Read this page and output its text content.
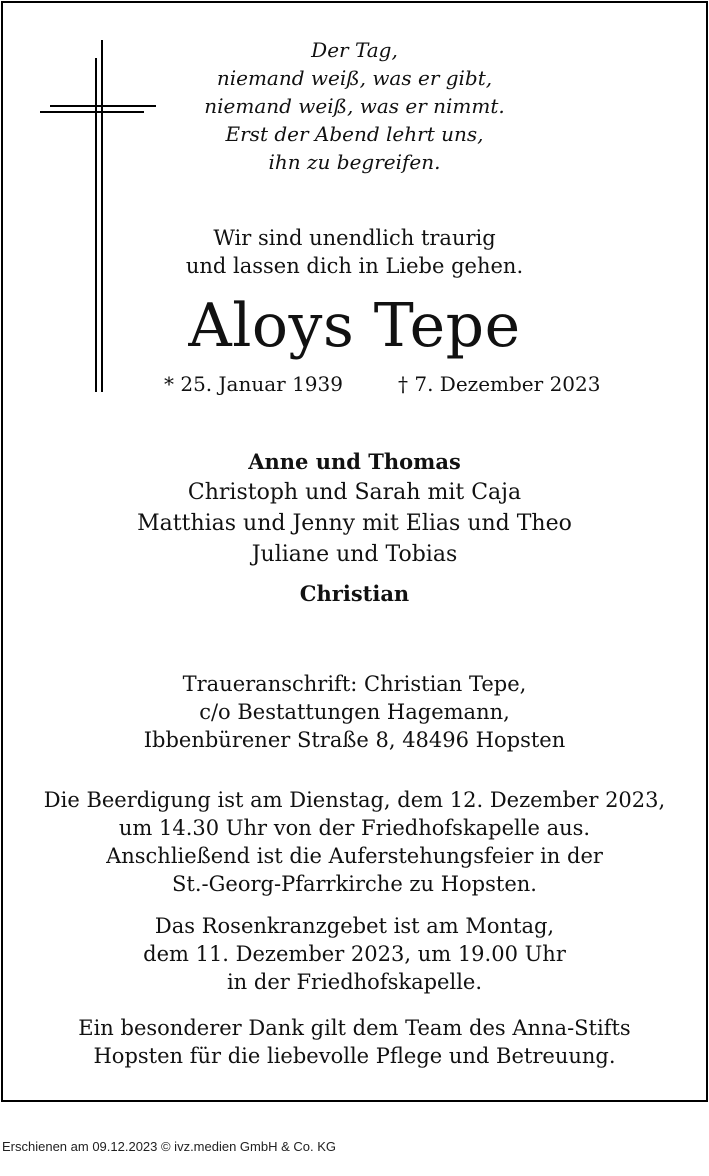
Der Tag,
niemand weiß, was er gibt,
niemand weiß, was er nimmt.
Erst der Abend lehrt uns,
ihn zu begreifen.
Wir sind unendlich traurig
und lassen dich in Liebe gehen.
Aloys Tepe
* 25. Januar 1939	† 7. Dezember 2023
Anne und Thomas
Christoph und Sarah mit Caja
Matthias und Jenny mit Elias und Theo
Juliane und Tobias
Christian
Traueranschrift: Christian Tepe,
c/o Bestattungen Hagemann,
Ibbenbürener Straße 8, 48496 Hopsten
Die Beerdigung ist am Dienstag, dem 12. Dezember 2023,
um 14.30 Uhr von der Friedhofskapelle aus.
Anschließend ist die Auferstehungsfeier in der
St.-Georg-Pfarrkirche zu Hopsten.
Das Rosenkranzgebet ist am Montag,
dem 11. Dezember 2023, um 19.00 Uhr
in der Friedhofskapelle.
Ein besonderer Dank gilt dem Team des Anna-Stifts
Hopsten für die liebevolle Pflege und Betreuung.
Erschienen am 09.12.2023 © ivz.medien GmbH & Co. KG
